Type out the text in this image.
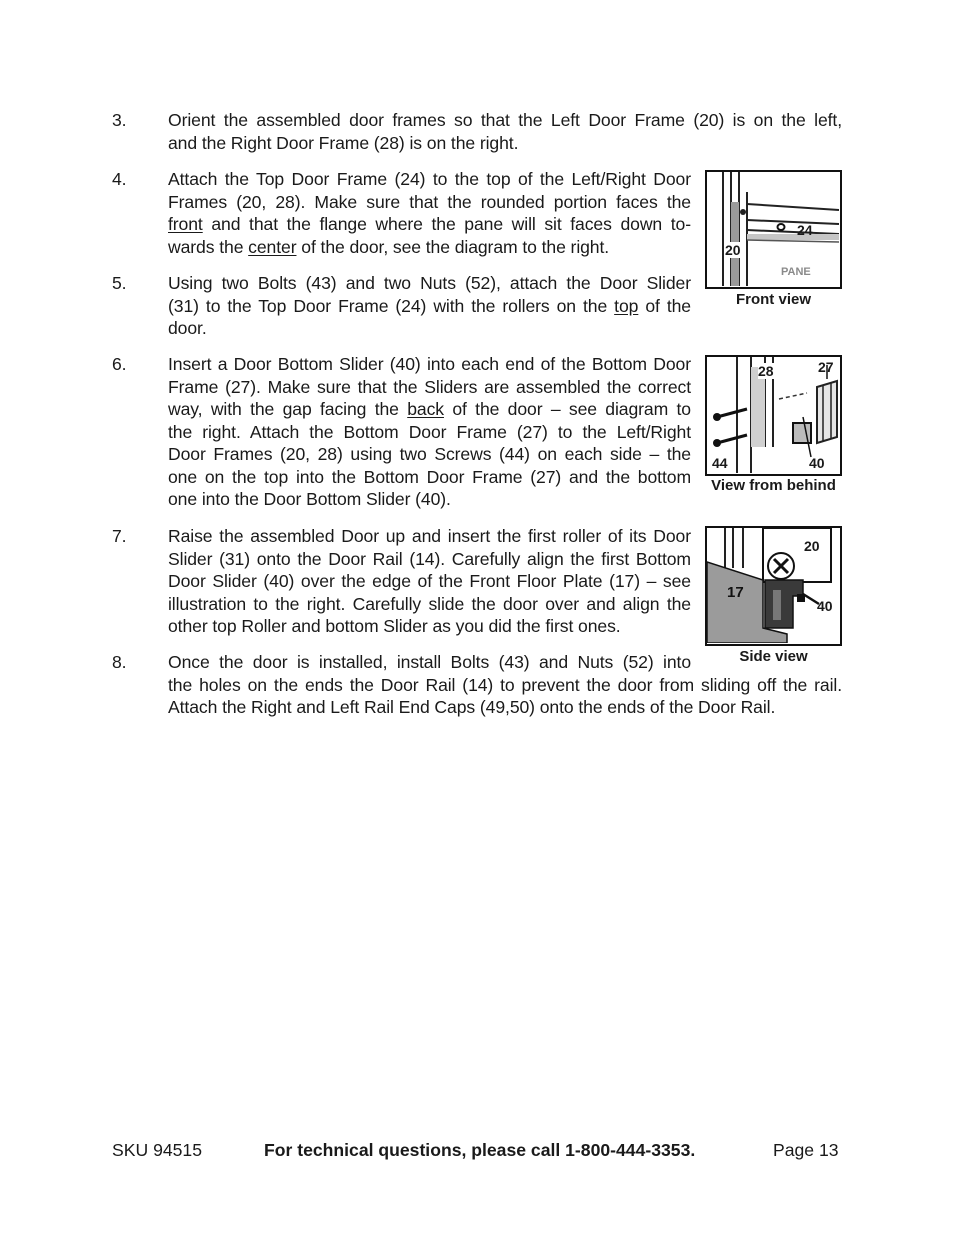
3.	Orient the assembled door frames so that the Left Door Frame (20) is on the left,
and the Right Door Frame (28) is on the right.
4.	Attach the Top Door Frame (24) to the top of the Left/Right Door
Frames (20, 28). Make sure that the rounded portion faces the
front and that the flange where the pane will sit faces down to-
wards the center of the door, see the diagram to the right.
5.	Using two Bolts (43) and two Nuts (52), attach the Door Slider
(31) to the Top Door Frame (24) with the rollers on the top of the
door.
6.	Insert a Door Bottom Slider (40) into each end of the Bottom Door
Frame (27). Make sure that the Sliders are assembled the correct
way, with the gap facing the back of the door – see diagram to
the right. Attach the Bottom Door Frame (27) to the Left/Right
Door Frames (20, 28) using two Screws (44) on each side – the
one on the top into the Bottom Door Frame (27) and the bottom
one into the Door Bottom Slider (40).
7.	Raise the assembled Door up and insert the first roller of its Door
Slider (31) onto the Door Rail (14). Carefully align the first Bottom
Door Slider (40) over the edge of the Front Floor Plate (17) – see
illustration to the right. Carefully slide the door over and align the
other top Roller and bottom Slider as you did the first ones.
8.	Once the door is installed, install Bolts (43) and Nuts (52) into
the holes on the ends the Door Rail (14) to prevent the door from sliding off the rail.
Attach the Right and Left Rail End Caps (49,50) onto the ends of the Door Rail.
24
20
PANE
Front view
28	27
44	40
View from behind
20
17
40
Side view
SKU 94515	For technical questions, please call 1-800-444-3353.	Page 13
